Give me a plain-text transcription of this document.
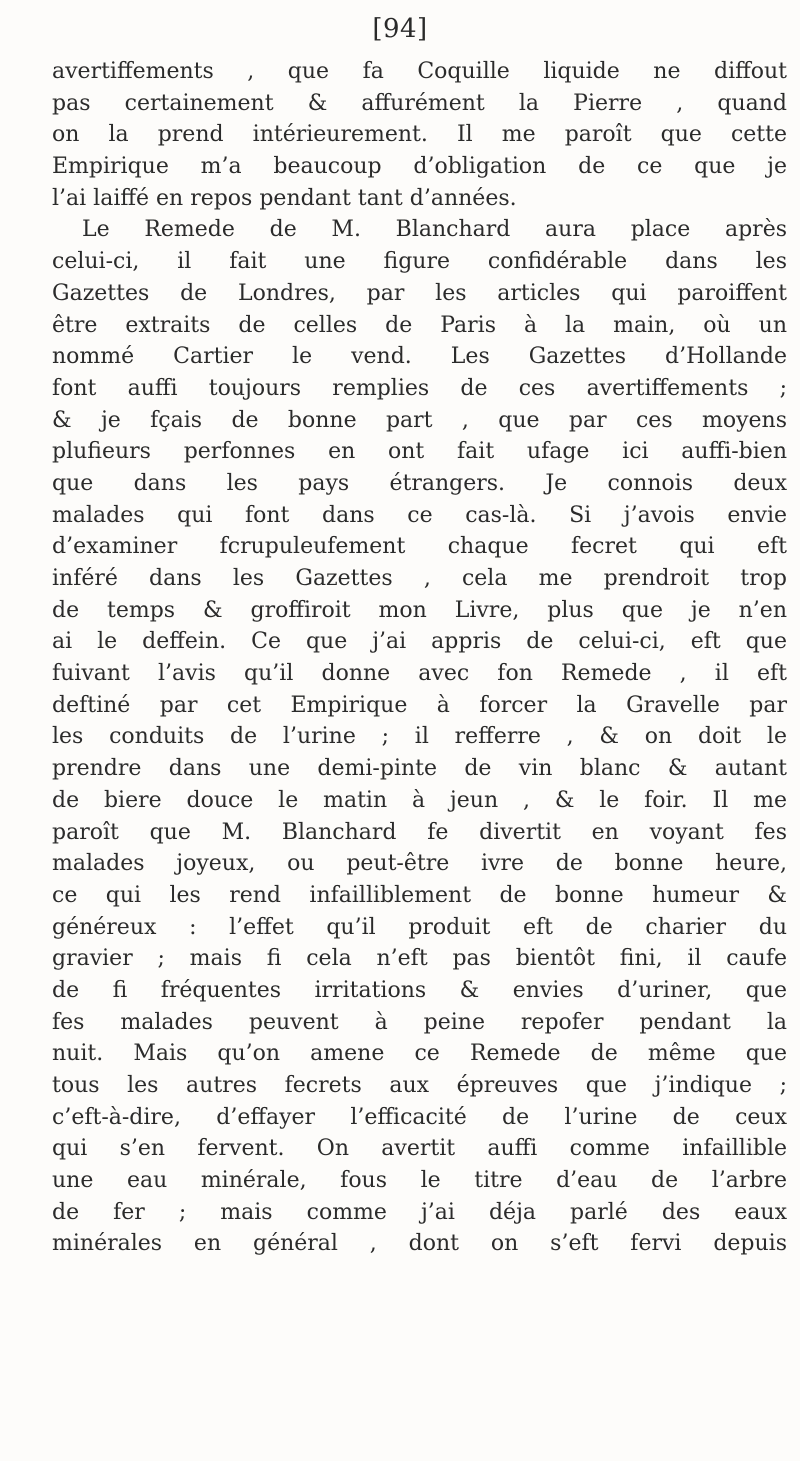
[94]
avertiffements , que fa Coquille liquide ne diffout
pas certainement & affurément la Pierre , quand
on la prend intérieurement. Il me paroît que cette
Empirique m’a beaucoup d’obligation de ce que je
l’ai laiffé en repos pendant tant d’années.
Le Remede de M. Blanchard aura place après
celui-ci, il fait une figure confidérable dans les
Gazettes de Londres, par les articles qui paroiffent
être extraits de celles de Paris à la main, où un
nommé Cartier le vend. Les Gazettes d’Hollande
font auffi toujours remplies de ces avertiffements ;
& je fçais de bonne part , que par ces moyens
plufieurs perfonnes en ont fait ufage ici auffi-bien
que dans les pays étrangers. Je connois deux
malades qui font dans ce cas-là. Si j’avois envie
d’examiner fcrupuleufement chaque fecret qui eft
inféré dans les Gazettes , cela me prendroit trop
de temps & groffiroit mon Livre, plus que je n’en
ai le deffein. Ce que j’ai appris de celui-ci, eft que
fuivant l’avis qu’il donne avec fon Remede , il eft
deftiné par cet Empirique à forcer la Gravelle par
les conduits de l’urine ; il refferre , & on doit le
prendre dans une demi-pinte de vin blanc & autant
de biere douce le matin à jeun , & le foir. Il me
paroît que M. Blanchard fe divertit en voyant fes
malades joyeux, ou peut-être ivre de bonne heure,
ce qui les rend infailliblement de bonne humeur &
généreux : l’effet qu’il produit eft de charier du
gravier ; mais fi cela n’eft pas bientôt fini, il caufe
de fi fréquentes irritations & envies d’uriner, que
fes malades peuvent à peine repofer pendant la
nuit. Mais qu’on amene ce Remede de même que
tous les autres fecrets aux épreuves que j’indique ;
c’eft-à-dire, d’effayer l’efficacité de l’urine de ceux
qui s’en fervent. On avertit auffi comme infaillible
une eau minérale, fous le titre d’eau de l’arbre
de fer ; mais comme j’ai déja parlé des eaux
minérales en général , dont on s’eft fervi depuis
